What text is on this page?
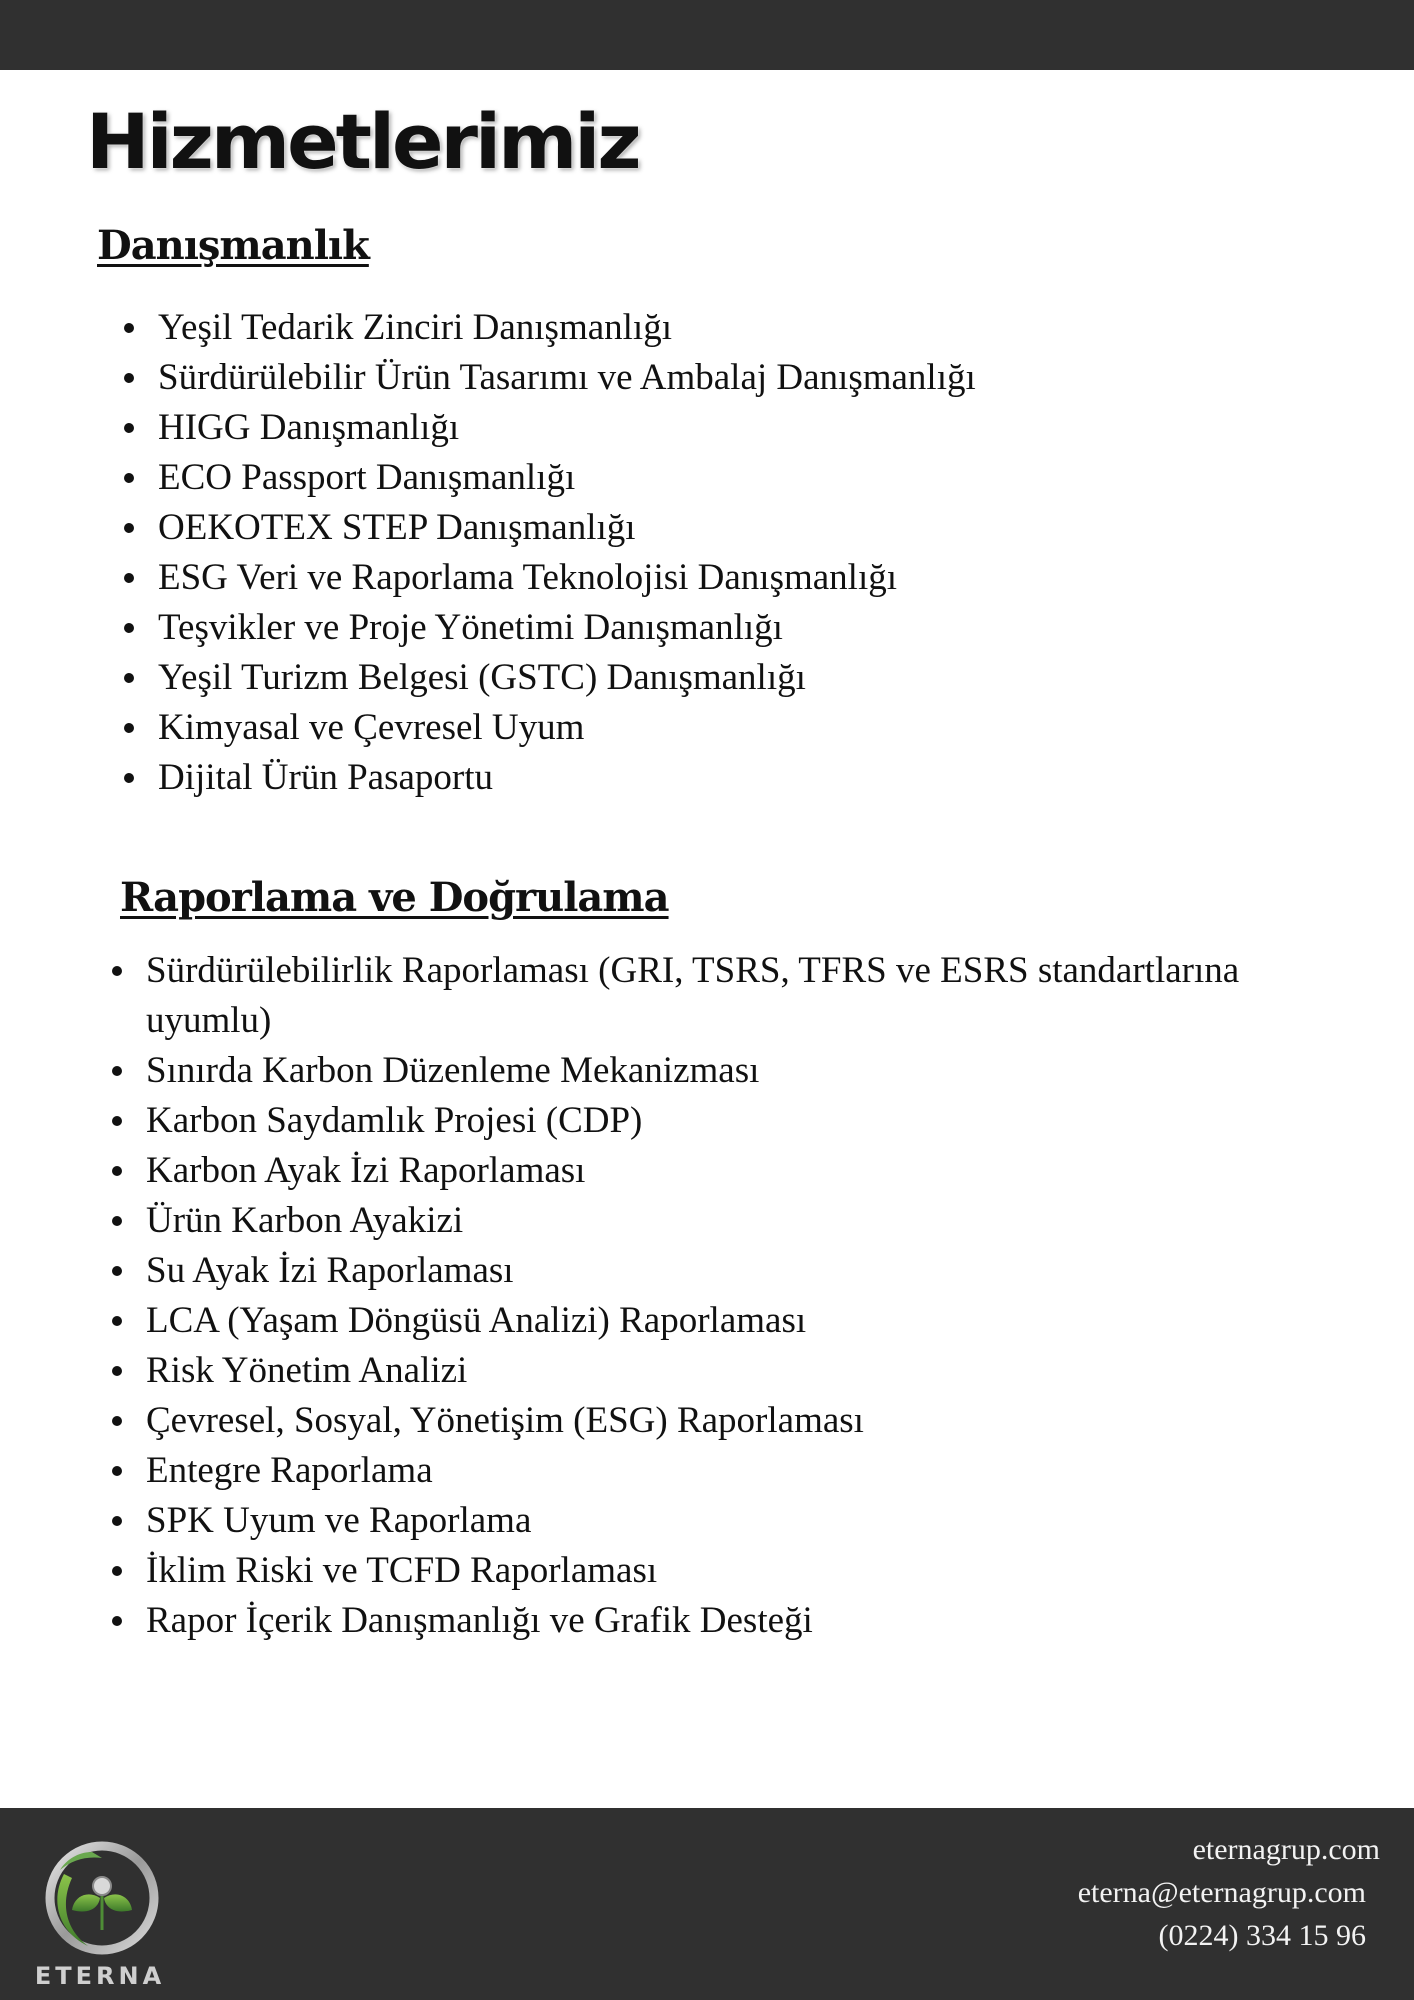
Hizmetlerimiz
Danışmanlık
Yeşil Tedarik Zinciri Danışmanlığı
Sürdürülebilir Ürün Tasarımı ve Ambalaj Danışmanlığı
HIGG Danışmanlığı
ECO Passport Danışmanlığı
OEKOTEX STEP Danışmanlığı
ESG Veri ve Raporlama Teknolojisi Danışmanlığı
Teşvikler ve Proje Yönetimi Danışmanlığı
Yeşil Turizm Belgesi (GSTC) Danışmanlığı
Kimyasal ve Çevresel Uyum
Dijital Ürün Pasaportu
Raporlama ve Doğrulama
Sürdürülebilirlik Raporlaması (GRI, TSRS, TFRS ve ESRS standartlarına uyumlu)
Sınırda Karbon Düzenleme Mekanizması
Karbon Saydamlık Projesi (CDP)
Karbon Ayak İzi Raporlaması
Ürün Karbon Ayakizi
Su Ayak İzi Raporlaması
LCA (Yaşam Döngüsü Analizi) Raporlaması
Risk Yönetim Analizi
Çevresel, Sosyal, Yönetişim (ESG) Raporlaması
Entegre Raporlama
SPK Uyum ve Raporlama
İklim Riski ve TCFD Raporlaması
Rapor İçerik Danışmanlığı ve Grafik Desteği
ETERNA
eternagrup.com
eterna@eternagrup.com
(0224) 334 15 96
